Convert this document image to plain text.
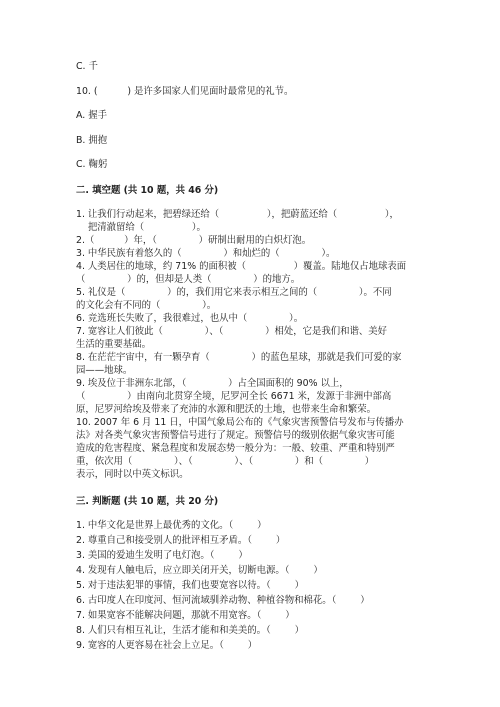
C. 千
10. (          ) 是许多国家人们见面时最常见的礼节。
A. 握手
B. 拥抱
C. 鞠躬
二. 填空题 (共 10 题，共 46 分)
1. 让我们行动起来，把碧绿还给（                ），把蔚蓝还给（                ），
把清澈留给（                ）。
2.（          ）年，（              ）研制出耐用的白炽灯泡。
3. 中华民族有着悠久的（              ）和灿烂的（              ）。
4. 人类居住的地球，约 71% 的面积被（                ）覆盖。陆地仅占地球表面
（              ）的，但却是人类（              ）的地方。
5. 礼仪是（              ）的，我们用它来表示相互之间的（              ）。不同
的文化会有不同的（              ）。
6. 竞选班长失败了，我很难过，也从中（              ）。
7. 宽容让人们彼此（              ）、（              ）相处，它是我们和谐、美好
生活的重要基础。
8. 在茫茫宇宙中，有一颗孕育（              ）的蓝色星球，那就是我们可爱的家
园——地球。
9. 埃及位于非洲东北部，（              ）占全国面积的 90% 以上，
（              ）由南向北贯穿全境，尼罗河全长 6671 米，发源于非洲中部高
原，尼罗河给埃及带来了充沛的水源和肥沃的土地，也带来生命和繁荣。
10. 2007 年 6 月 11 日，中国气象局公布的《气象灾害预警信号发布与传播办
法》对各类气象灾害预警信号进行了规定。预警信号的级别依据气象灾害可能
造成的危害程度、紧急程度和发展态势一般分为：一般、较重、严重和特别严
重，依次用（              ）、（              ）、（              ）和（              ）
表示，同时以中英文标识。
三. 判断题 (共 10 题，共 20 分)
1. 中华文化是世界上最优秀的文化。（        ）
2. 尊重自己和接受别人的批评相互矛盾。（        ）
3. 美国的爱迪生发明了电灯泡。（        ）
4. 发现有人触电后，应立即关闭开关，切断电源。（        ）
5. 对于违法犯罪的事情，我们也要宽容以待。（        ）
6. 古印度人在印度河、恒河流域驯养动物、种植谷物和棉花。（        ）
7. 如果宽容不能解决问题，那就不用宽容。（        ）
8. 人们只有相互礼让，生活才能和和美美的。（        ）
9. 宽容的人更容易在社会上立足。（        ）
